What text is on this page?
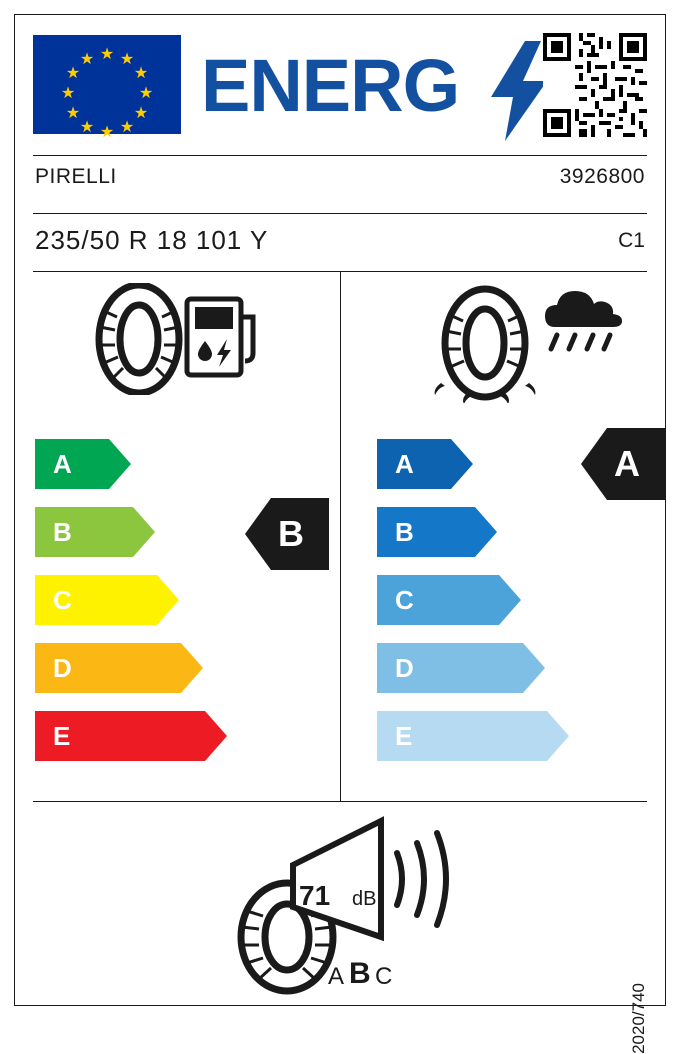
★ ★
★
★
★
★
★
★
★
★
★
★ ENERG
PIRELLI	3926800
235/50 R 18 101 Y	C1
A
B
C
D
E
B
A
B
C
D
E
A
71 dB
A B C
2020/740
